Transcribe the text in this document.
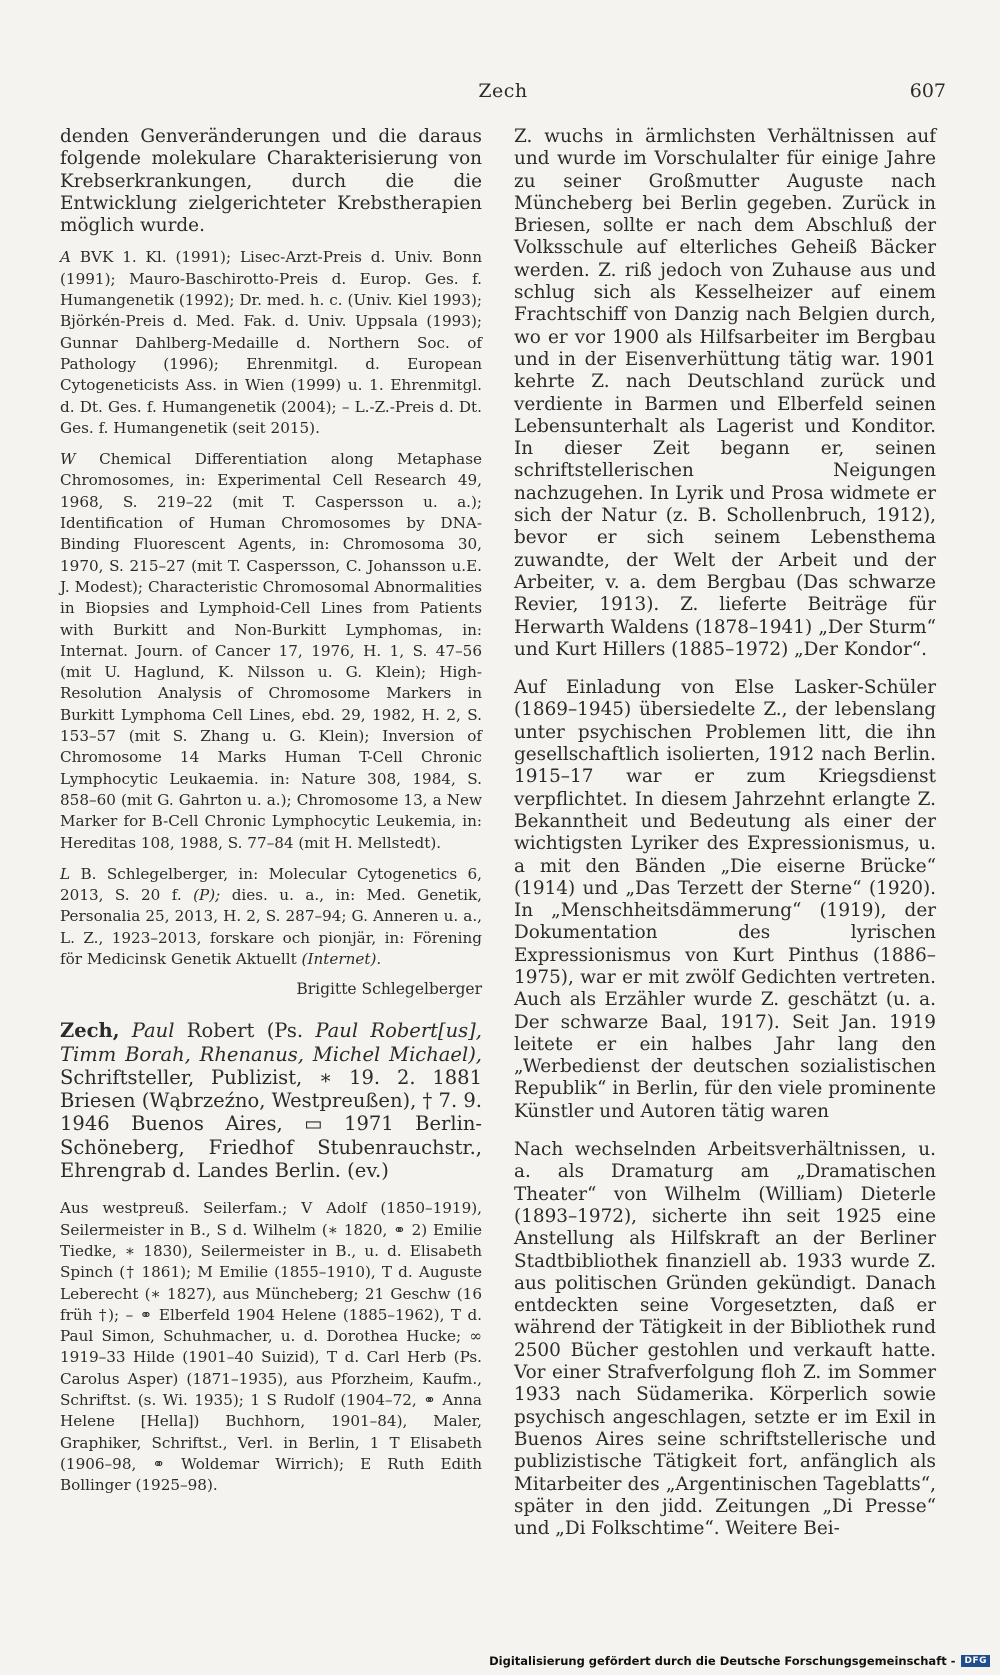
Zech	607

denden Genveränderungen und die daraus folgende molekulare Charakterisierung von Krebserkrankungen, durch die die Entwicklung zielgerichteter Krebstherapien möglich wurde.

A BVK 1. Kl. (1991); Lisec-Arzt-Preis d. Univ. Bonn (1991); Mauro-Baschirotto-Preis d. Europ. Ges. f. Humangenetik (1992); Dr. med. h. c. (Univ. Kiel 1993); Björkén-Preis d. Med. Fak. d. Univ. Uppsala (1993); Gunnar Dahlberg-Medaille d. Northern Soc. of Pathology (1996); Ehrenmitgl. d. European Cytogeneticists Ass. in Wien (1999) u. 1. Ehrenmitgl. d. Dt. Ges. f. Humangenetik (2004); – L.-Z.-Preis d. Dt. Ges. f. Humangenetik (seit 2015).

W Chemical Differentiation along Metaphase Chromosomes, in: Experimental Cell Research 49, 1968, S. 219–22 (mit T. Caspersson u. a.); Identification of Human Chromosomes by DNA-Binding Fluorescent Agents, in: Chromosoma 30, 1970, S. 215–27 (mit T. Caspersson, C. Johansson u.E. J. Modest); Characteristic Chromosomal Abnormalities in Biopsies and Lymphoid-Cell Lines from Patients with Burkitt and Non-Burkitt Lymphomas, in: Internat. Journ. of Cancer 17, 1976, H. 1, S. 47–56 (mit U. Haglund, K. Nilsson u. G. Klein); High-Resolution Analysis of Chromosome Markers in Burkitt Lymphoma Cell Lines, ebd. 29, 1982, H. 2, S. 153–57 (mit S. Zhang u. G. Klein); Inversion of Chromosome 14 Marks Human T-Cell Chronic Lymphocytic Leukaemia. in: Nature 308, 1984, S. 858–60 (mit G. Gahrton u. a.); Chromosome 13, a New Marker for B-Cell Chronic Lymphocytic Leukemia, in: Hereditas 108, 1988, S. 77–84 (mit H. Mellstedt).

L B. Schlegelberger, in: Molecular Cytogenetics 6, 2013, S. 20 f. (P); dies. u. a., in: Med. Genetik, Personalia 25, 2013, H. 2, S. 287–94; G. Anneren u. a., L. Z., 1923–2013, forskare och pionjär, in: Förening för Medicinsk Genetik Aktuellt (Internet).

Brigitte Schlegelberger

Zech, Paul Robert (Ps. Paul Robert[us], Timm Borah, Rhenanus, Michel Michael), Schriftsteller, Publizist, ∗ 19. 2. 1881 Briesen (Wąbrzeźno, Westpreußen), † 7. 9. 1946 Buenos Aires, ▭ 1971 Berlin-Schöneberg, Friedhof Stubenrauchstr., Ehrengrab d. Landes Berlin. (ev.)

Aus westpreuß. Seilerfam.; V Adolf (1850–1919), Seilermeister in B., S d. Wilhelm (∗ 1820, ⚭ 2) Emilie Tiedke, ∗ 1830), Seilermeister in B., u. d. Elisabeth Spinch († 1861); M Emilie (1855–1910), T d. Auguste Leberecht (∗ 1827), aus Müncheberg; 21 Geschw (16 früh †); – ⚭ Elberfeld 1904 Helene (1885–1962), T d. Paul Simon, Schuhmacher, u. d. Dorothea Hucke; ∞ 1919–33 Hilde (1901–40 Suizid), T d. Carl Herb (Ps. Carolus Asper) (1871–1935), aus Pforzheim, Kaufm., Schriftst. (s. Wi. 1935); 1 S Rudolf (1904–72, ⚭ Anna Helene [Hella]) Buchhorn, 1901–84), Maler, Graphiker, Schriftst., Verl. in Berlin, 1 T Elisabeth (1906–98, ⚭ Woldemar Wirrich); E Ruth Edith Bollinger (1925–98).

Z. wuchs in ärmlichsten Verhältnissen auf und wurde im Vorschulalter für einige Jahre zu seiner Großmutter Auguste nach Müncheberg bei Berlin gegeben. Zurück in Briesen, sollte er nach dem Abschluß der Volksschule auf elterliches Geheiß Bäcker werden. Z. riß jedoch von Zuhause aus und schlug sich als Kesselheizer auf einem Frachtschiff von Danzig nach Belgien durch, wo er vor 1900 als Hilfsarbeiter im Bergbau und in der Eisenverhüttung tätig war. 1901 kehrte Z. nach Deutschland zurück und verdiente in Barmen und Elberfeld seinen Lebensunterhalt als Lagerist und Konditor. In dieser Zeit begann er, seinen schriftstellerischen Neigungen nachzugehen. In Lyrik und Prosa widmete er sich der Natur (z. B. Schollenbruch, 1912), bevor er sich seinem Lebensthema zuwandte, der Welt der Arbeit und der Arbeiter, v. a. dem Bergbau (Das schwarze Revier, 1913). Z. lieferte Beiträge für Herwarth Waldens (1878–1941) „Der Sturm“ und Kurt Hillers (1885–1972) „Der Kondor“.

Auf Einladung von Else Lasker-Schüler (1869–1945) übersiedelte Z., der lebenslang unter psychischen Problemen litt, die ihn gesellschaftlich isolierten, 1912 nach Berlin. 1915–17 war er zum Kriegsdienst verpflichtet. In diesem Jahrzehnt erlangte Z. Bekanntheit und Bedeutung als einer der wichtigsten Lyriker des Expressionismus, u. a mit den Bänden „Die eiserne Brücke“ (1914) und „Das Terzett der Sterne“ (1920). In „Menschheitsdämmerung“ (1919), der Dokumentation des lyrischen Expressionismus von Kurt Pinthus (1886–1975), war er mit zwölf Gedichten vertreten. Auch als Erzähler wurde Z. geschätzt (u. a. Der schwarze Baal, 1917). Seit Jan. 1919 leitete er ein halbes Jahr lang den „Werbedienst der deutschen sozialistischen Republik“ in Berlin, für den viele prominente Künstler und Autoren tätig waren

Nach wechselnden Arbeitsverhältnissen, u. a. als Dramaturg am „Dramatischen Theater“ von Wilhelm (William) Dieterle (1893–1972), sicherte ihn seit 1925 eine Anstellung als Hilfskraft an der Berliner Stadtbibliothek finanziell ab. 1933 wurde Z. aus politischen Gründen gekündigt. Danach entdeckten seine Vorgesetzten, daß er während der Tätigkeit in der Bibliothek rund 2500 Bücher gestohlen und verkauft hatte. Vor einer Strafverfolgung floh Z. im Sommer 1933 nach Südamerika. Körperlich sowie psychisch angeschlagen, setzte er im Exil in Buenos Aires seine schriftstellerische und publizistische Tätigkeit fort, anfänglich als Mitarbeiter des „Argentinischen Tageblatts“, später in den jidd. Zeitungen „Di Presse“ und „Di Folkschtime“. Weitere Bei-

Digitalisierung gefördert durch die Deutsche Forschungsgemeinschaft -	DFG
